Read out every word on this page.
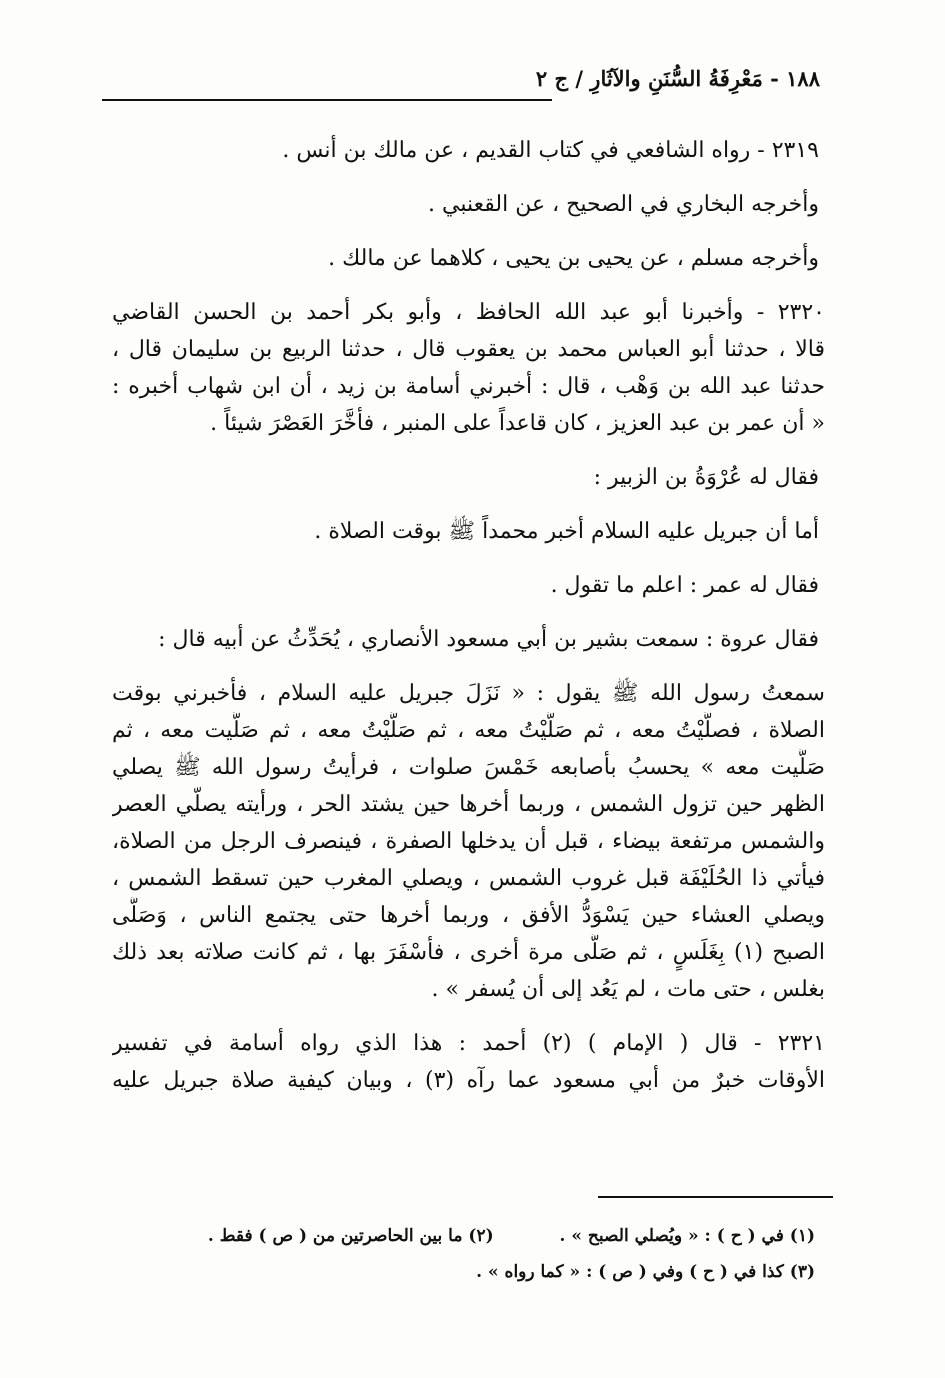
١٨٨ - مَعْرِفَةُ السُّنَنِ والآثَارِ / ج ٢
٢٣١٩ - رواه الشافعي في كتاب القديم ، عن مالك بن أنس .
وأخرجه البخاري في الصحيح ، عن القعنبي .
وأخرجه مسلم ، عن يحيى بن يحيى ، كلاهما عن مالك .
٢٣٢٠ - وأخبرنا أبو عبد الله الحافظ ، وأبو بكر أحمد بن الحسن القاضي
قالا ، حدثنا أبو العباس محمد بن يعقوب قال ، حدثنا الربيع بن سليمان قال ،
حدثنا عبد الله بن وَهْب ، قال : أخبرني أسامة بن زيد ، أن ابن شهاب أخبره :
« أن عمر بن عبد العزيز ، كان قاعداً على المنبر ، فأخَّرَ العَصْرَ شيئاً .
فقال له عُرْوَةُ بن الزبير :
أما أن جبريل عليه السلام أخبر محمداً ﷺ بوقت الصلاة .
فقال له عمر : اعلم ما تقول .
فقال عروة : سمعت بشير بن أبي مسعود الأنصاري ، يُحَدِّثُ عن أبيه قال :
سمعتُ رسول الله ﷺ يقول : « نَزَلَ جبريل عليه السلام ، فأخبرني بوقت
الصلاة ، فصلَّيْتُ معه ، ثم صَلَّيْتُ معه ، ثم صَلَّيْتُ معه ، ثم صَلَّيت معه ، ثم
صَلَّيت معه » يحسبُ بأصابعه خَمْسَ صلوات ، فرأيتُ رسول الله ﷺ يصلي
الظهر حين تزول الشمس ، وربما أخرها حين يشتد الحر ، ورأيته يصلّي العصر
والشمس مرتفعة بيضاء ، قبل أن يدخلها الصفرة ، فينصرف الرجل من الصلاة،
فيأتي ذا الحُلَيْفَة قبل غروب الشمس ، ويصلي المغرب حين تسقط الشمس ،
ويصلي العشاء حين يَسْوَدُّ الأفق ، وربما أخرها حتى يجتمع الناس ، وَصَلَّى
الصبح (١) بِغَلَسٍ ، ثم صَلَّى مرة أخرى ، فأسْفَرَ بها ، ثم كانت صلاته بعد ذلك
بغلس ، حتى مات ، لم يَعُد إلى أن يُسفر » .
٢٣٢١ - قال ( الإمام ) (٢) أحمد : هذا الذي رواه أسامة في تفسير
الأوقات خبرٌ من أبي مسعود عما رآه (٣) ، وبيان كيفية صلاة جبريل عليه
(١) في ( ح ) : « ويُصلي الصبح » . (٢) ما بين الحاصرتين من ( ص ) فقط .
(٣) كذا في ( ح ) وفي ( ص ) : « كما رواه » .
